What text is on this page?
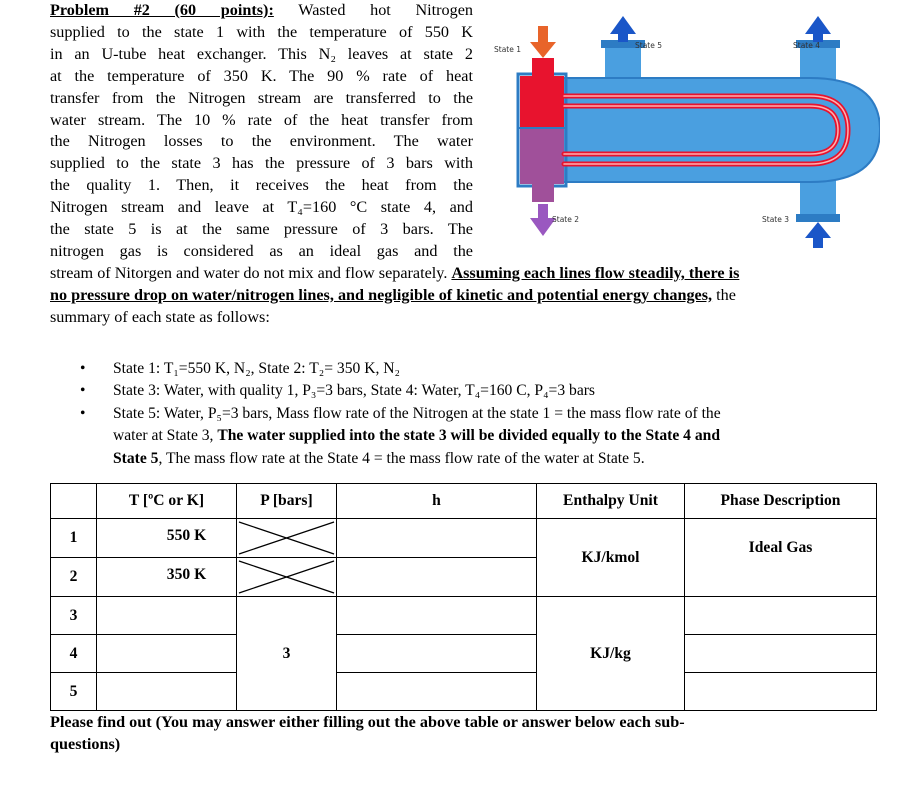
Problem #2 (60 points): Wasted hot Nitrogen
supplied to the state 1 with the temperature of 550 K
in an U-tube heat exchanger. This N₂ leaves at state 2
at the temperature of 350 K. The 90 % rate of heat
transfer from the Nitrogen stream are transferred to the
water stream. The 10 % rate of the heat transfer from
the Nitrogen losses to the environment. The water
supplied to the state 3 has the pressure of 3 bars with
the quality 1. Then, it receives the heat from the
Nitrogen stream and leave at T₄=160 °C state 4, and
the state 5 is at the same pressure of 3 bars. The
nitrogen gas is considered as an ideal gas and the
stream of Nitorgen and water do not mix and flow separately. Assuming each lines flow steadily, there is
no pressure drop on water/nitrogen lines, and negligible of kinetic and potential energy changes, the
summary of each state as follows:
State 1	State 5	State 4
State 2	State 3
• State 1: T₁=550 K, N₂, State 2: T₂= 350 K, N₂
• State 3: Water, with quality 1, P₃=3 bars, State 4: Water, T₄=160 C, P₄=3 bars
• State 5: Water, P₅=3 bars, Mass flow rate of the Nitrogen at the state 1 = the mass flow rate of the
water at State 3, The water supplied into the state 3 will be divided equally to the State 4 and
State 5, The mass flow rate at the State 4 = the mass flow rate of the water at State 5.
	T [ºC or K]	P [bars]	h	Enthalpy Unit	Phase Description
1	550 K			KJ/kmol	Ideal Gas
2	350 K	

3		3		KJ/kg	
4					
5					
Please find out (You may answer either filling out the above table or answer below each sub-
questions)
